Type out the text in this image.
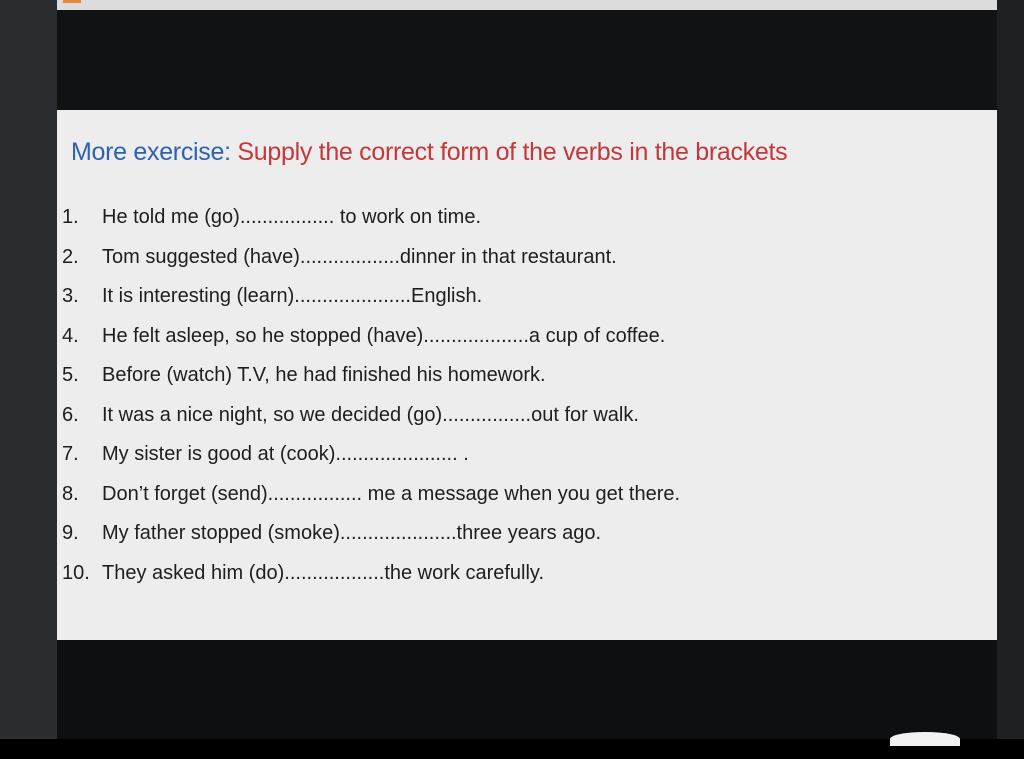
More exercise: Supply the correct form of the verbs in the brackets
1. He told me (go)................. to work on time.
2. Tom suggested (have)..................dinner in that restaurant.
3. It is interesting (learn).....................English.
4. He felt asleep, so he stopped (have)...................a cup of coffee.
5. Before (watch) T.V, he had finished his homework.
6. It was a nice night, so we decided (go)................out for walk.
7. My sister is good at (cook)...................... .
8. Don’t forget (send)................. me a message when you get there.
9. My father stopped (smoke).....................three years ago.
10. They asked him (do)..................the work carefully.
